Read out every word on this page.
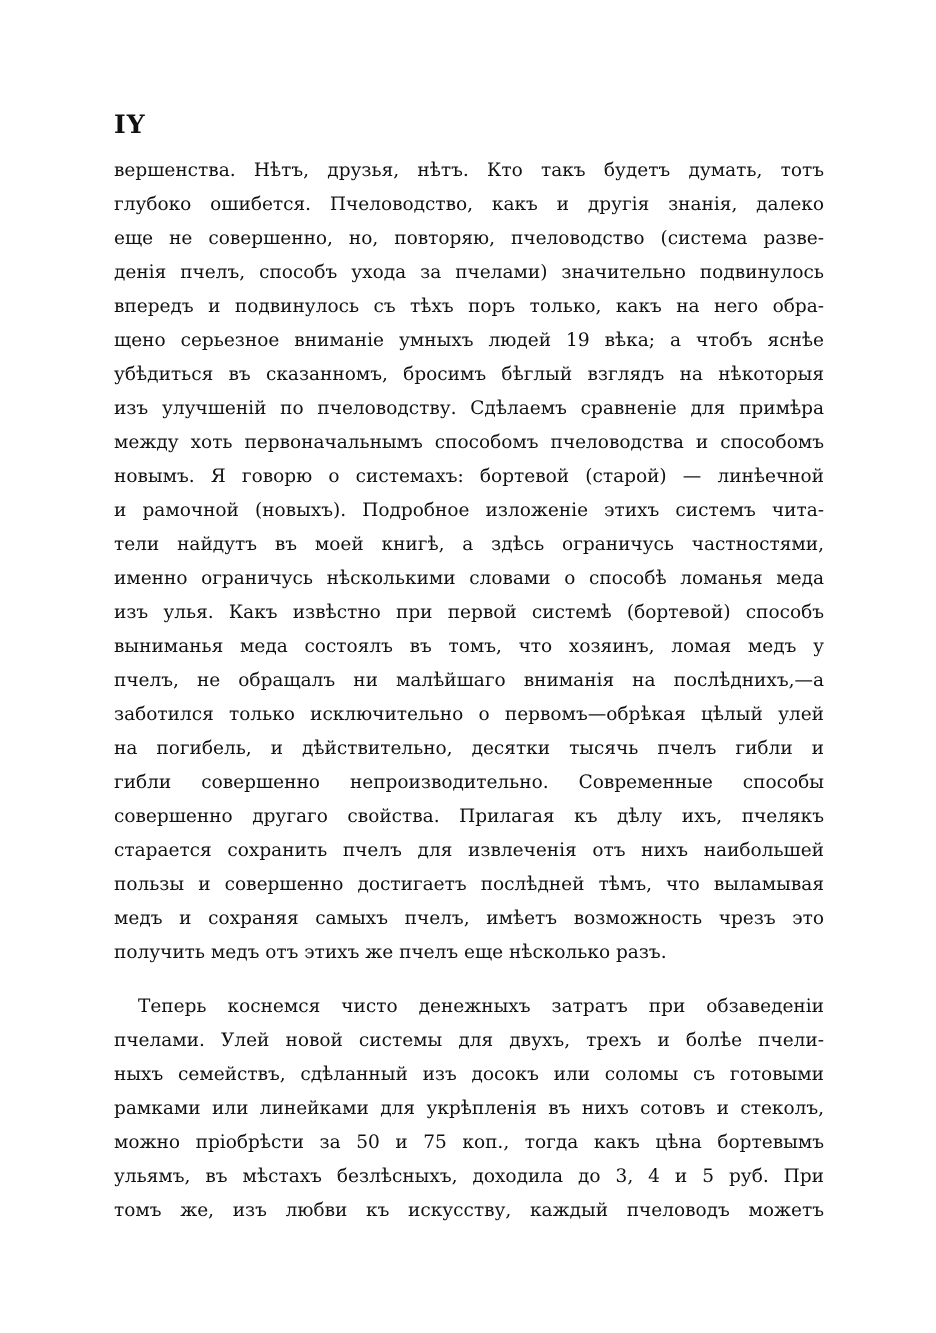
IY
вершенства. Нѣтъ, друзья, нѣтъ. Кто такъ будетъ думать, тотъ
глубоко ошибется. Пчеловодство, какъ и другія знанія, далеко
еще не совершенно, но, повторяю, пчеловодство (система разве-
денія пчелъ, способъ ухода за пчелами) значительно подвинулось
впередъ и подвинулось съ тѣхъ поръ только, какъ на него обра-
щено серьезное вниманіе умныхъ людей 19 вѣка; а чтобъ яснѣе
убѣдиться въ сказанномъ, бросимъ бѣглый взглядъ на нѣкоторыя
изъ улучшеній по пчеловодству. Сдѣлаемъ сравненіе для примѣра
между хоть первоначальнымъ способомъ пчеловодства и способомъ
новымъ. Я говорю о системахъ: бортевой (старой) — линѣечной
и рамочной (новыхъ). Подробное изложеніе этихъ системъ чита-
тели найдутъ въ моей книгѣ, а здѣсь ограничусь частностями,
именно ограничусь нѣсколькими словами о способѣ ломанья меда
изъ улья. Какъ извѣстно при первой системѣ (бортевой) способъ
выниманья меда состоялъ въ томъ, что хозяинъ, ломая медъ у
пчелъ, не обращалъ ни малѣйшаго вниманія на послѣднихъ,—а
заботился только исключительно о первомъ—обрѣкая цѣлый улей
на погибель, и дѣйствительно, десятки тысячь пчелъ гибли и
гибли совершенно непроизводительно. Современные способы
совершенно другаго свойства. Прилагая къ дѣлу ихъ, пчелякъ
старается сохранить пчелъ для извлеченія отъ нихъ наибольшей
пользы и совершенно достигаетъ послѣдней тѣмъ, что выламывая
медъ и сохраняя самыхъ пчелъ, имѣетъ возможность чрезъ это
получить медъ отъ этихъ же пчелъ еще нѣсколько разъ.
Теперь коснемся чисто денежныхъ затратъ при обзаведеніи
пчелами. Улей новой системы для двухъ, трехъ и болѣе пчели-
ныхъ семействъ, сдѣланный изъ досокъ или соломы съ готовыми
рамками или линейками для укрѣпленія въ нихъ сотовъ и стеколъ,
можно пріобрѣсти за 50 и 75 коп., тогда какъ цѣна бортевымъ
ульямъ, въ мѣстахъ безлѣсныхъ, доходила до 3, 4 и 5 руб. При
томъ же, изъ любви къ искусству, каждый пчеловодъ можетъ
